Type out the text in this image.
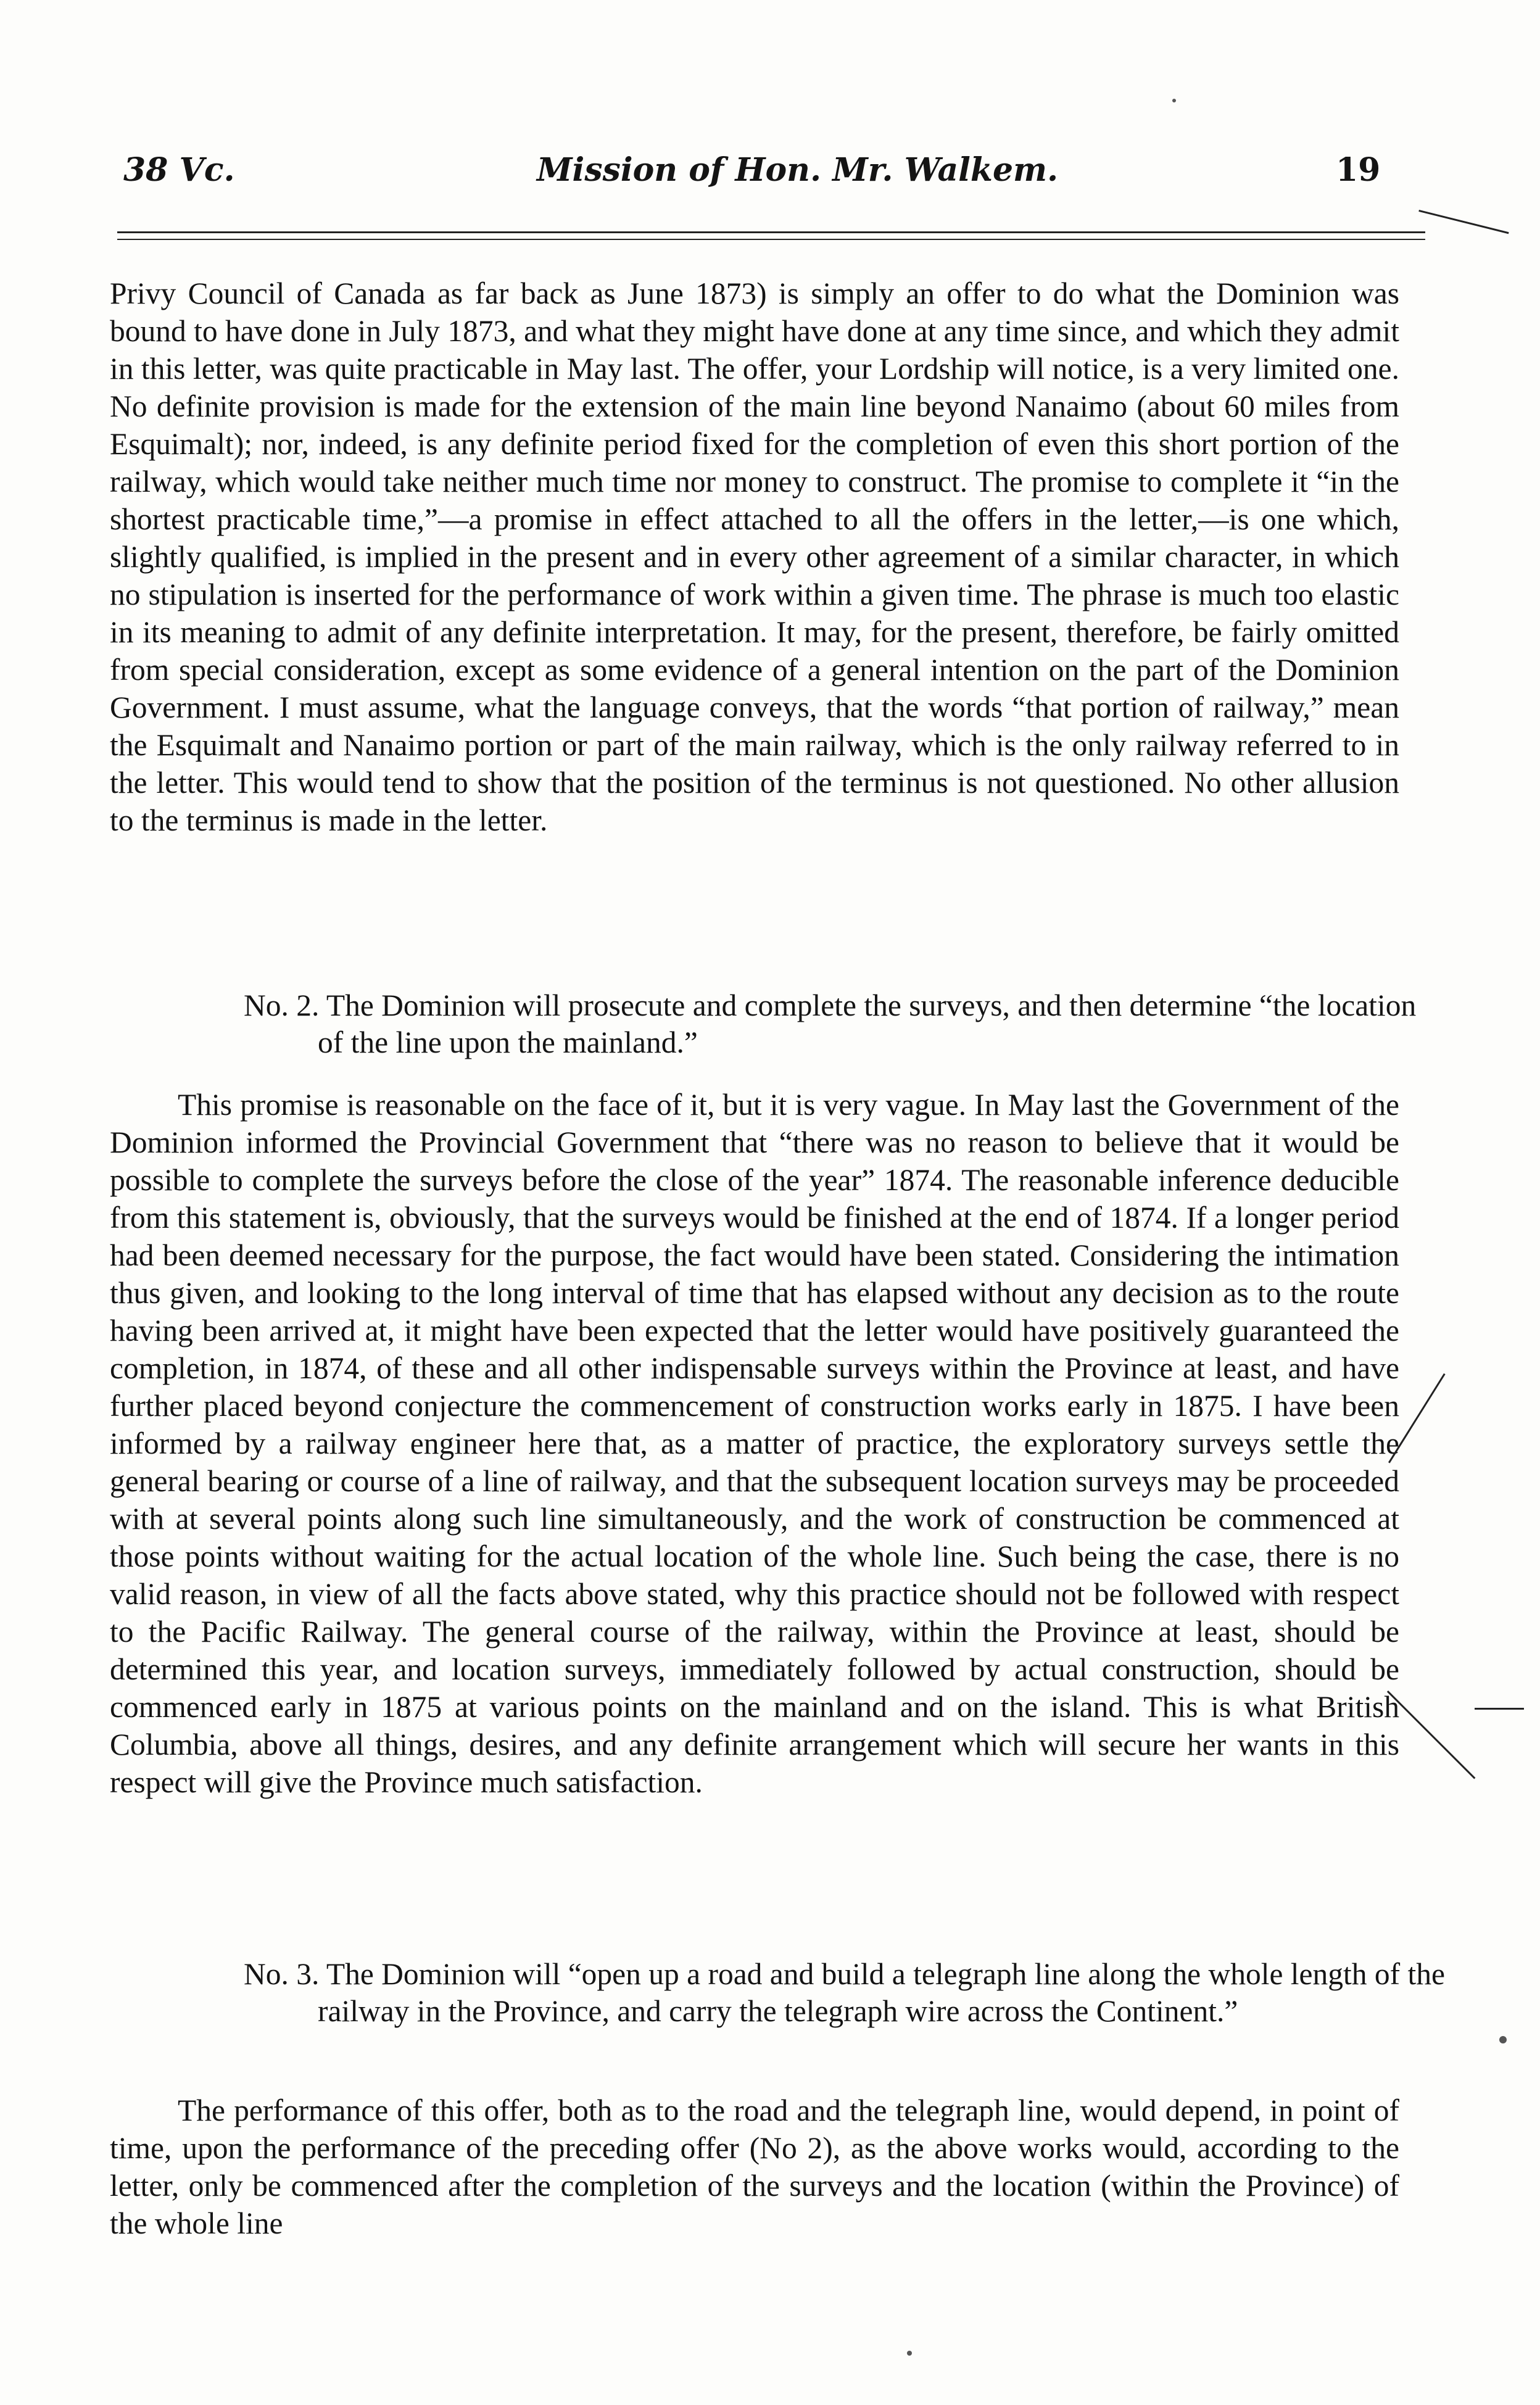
38 Vc.	Mission of Hon. Mr. Walkem.	19

Privy Council of Canada as far back as June 1873) is simply an offer to do what the Dominion was bound to have done in July 1873, and what they might have done at any time since, and which they admit in this letter, was quite practicable in May last. The offer, your Lordship will notice, is a very limited one. No definite provision is made for the extension of the main line beyond Nanaimo (about 60 miles from Esquimalt); nor, indeed, is any definite period fixed for the completion of even this short portion of the railway, which would take neither much time nor money to construct. The promise to complete it “in the shortest practicable time,”—a promise in effect attached to all the offers in the letter,—is one which, slightly qualified, is implied in the present and in every other agreement of a similar character, in which no stipulation is inserted for the performance of work within a given time. The phrase is much too elastic in its meaning to admit of any definite interpretation. It may, for the present, therefore, be fairly omitted from special consideration, except as some evidence of a general intention on the part of the Dominion Government. I must assume, what the language conveys, that the words “that portion of railway,” mean the Esquimalt and Nanaimo portion or part of the main railway, which is the only railway referred to in the letter. This would tend to show that the position of the terminus is not questioned. No other allusion to the terminus is made in the letter.

No. 2. The Dominion will prosecute and complete the surveys, and then determine “the location of the line upon the mainland.”

This promise is reasonable on the face of it, but it is very vague. In May last the Government of the Dominion informed the Provincial Government that “there was no reason to believe that it would be possible to complete the surveys before the close of the year” 1874. The reasonable inference deducible from this statement is, obviously, that the surveys would be finished at the end of 1874. If a longer period had been deemed necessary for the purpose, the fact would have been stated. Considering the intimation thus given, and looking to the long interval of time that has elapsed without any decision as to the route having been arrived at, it might have been expected that the letter would have positively guaranteed the completion, in 1874, of these and all other indispensable surveys within the Province at least, and have further placed beyond conjecture the commencement of construction works early in 1875. I have been informed by a railway engineer here that, as a matter of practice, the exploratory surveys settle the general bearing or course of a line of railway, and that the subsequent location surveys may be proceeded with at several points along such line simultaneously, and the work of construction be commenced at those points without waiting for the actual location of the whole line. Such being the case, there is no valid reason, in view of all the facts above stated, why this practice should not be followed with respect to the Pacific Railway. The general course of the railway, within the Province at least, should be determined this year, and location surveys, immediately followed by actual construction, should be commenced early in 1875 at various points on the mainland and on the island. This is what British Columbia, above all things, desires, and any definite arrangement which will secure her wants in this respect will give the Province much satisfaction.

No. 3. The Dominion will “open up a road and build a telegraph line along the whole length of the railway in the Province, and carry the telegraph wire across the Continent.”

The performance of this offer, both as to the road and the telegraph line, would depend, in point of time, upon the performance of the preceding offer (No 2), as the above works would, according to the letter, only be commenced after the completion of the surveys and the location (within the Province) of the whole line
